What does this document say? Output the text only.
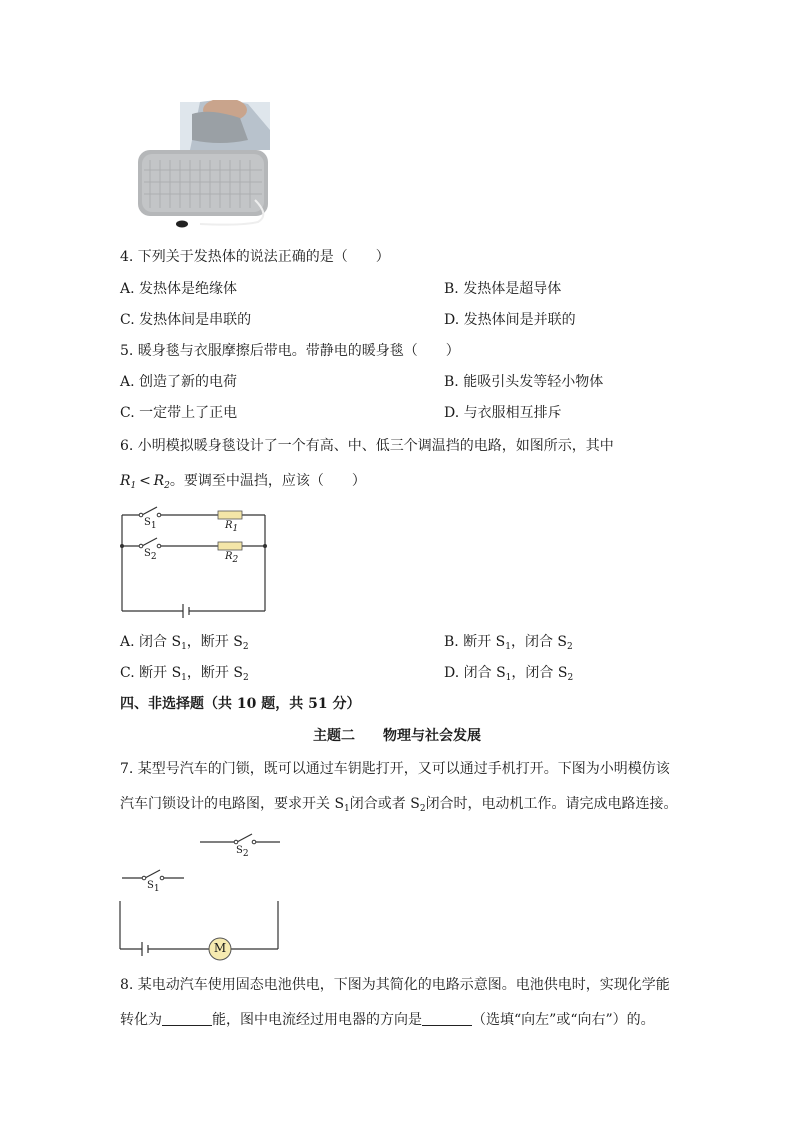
4. 下列关于发热体的说法正确的是（　　）
A. 发热体是绝缘体	B. 发热体是超导体
C. 发热体间是串联的	D. 发热体间是并联的
5. 暖身毯与衣服摩擦后带电。带静电的暖身毯（　　）
A. 创造了新的电荷	B. 能吸引头发等轻小物体
C. 一定带上了正电	D. 与衣服相互排斥
6. 小明模拟暖身毯设计了一个有高、中、低三个调温挡的电路，如图所示，其中
$R_1 < R_2$。要调至中温挡，应该（　　）
$S_1$
$S_2$
$R_1$
$R_2$
A. 闭合 $S_1$，断开 $S_2$	B. 断开 $S_1$，闭合 $S_2$
C. 断开 $S_1$，断开 $S_2$	D. 闭合 $S_1$，闭合 $S_2$
四、非选择题（共 10 题，共 51 分）
主题二　　物理与社会发展
7. 某型号汽车的门锁，既可以通过车钥匙打开，又可以通过手机打开。下图为小明模仿该
汽车门锁设计的电路图，要求开关 $S_1$闭合或者 $S_2$闭合时，电动机工作。请完成电路连接。
$S_2$
$S_1$
M
8. 某电动汽车使用固态电池供电，下图为其简化的电路示意图。电池供电时，实现化学能
转化为	能，图中电流经过用电器的方向是	（选填“向左”或“向右”）的。
